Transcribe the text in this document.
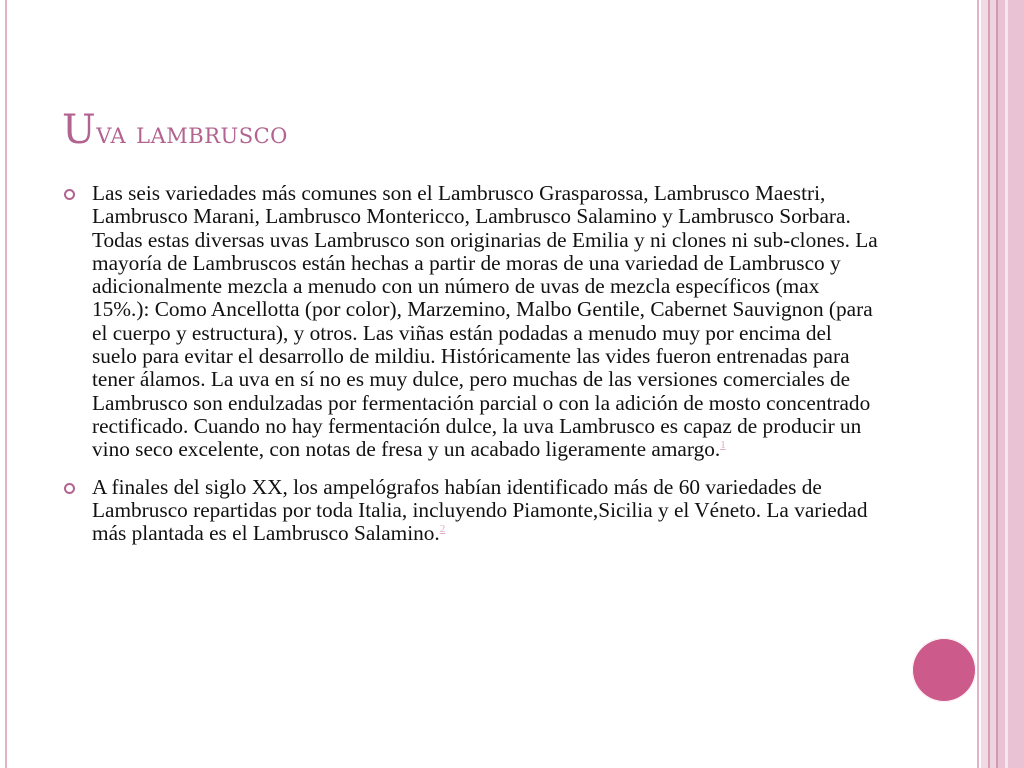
Uva lambrusco
Las seis variedades más comunes son el Lambrusco Grasparossa, Lambrusco Maestri, Lambrusco Marani, Lambrusco Montericco, Lambrusco Salamino y Lambrusco Sorbara. Todas estas diversas uvas Lambrusco son originarias de Emilia y ni clones ni sub-clones. La mayoría de Lambruscos están hechas a partir de moras de una variedad de Lambrusco y adicionalmente mezcla a menudo con un número de uvas de mezcla específicos (max 15%.): Como Ancellotta (por color), Marzemino, Malbo Gentile, Cabernet Sauvignon (para el cuerpo y estructura), y otros. Las viñas están podadas a menudo muy por encima del suelo para evitar el desarrollo de mildiu. Históricamente las vides fueron entrenadas para tener álamos. La uva en sí no es muy dulce, pero muchas de las versiones comerciales de Lambrusco son endulzadas por fermentación parcial o con la adición de mosto concentrado rectificado. Cuando no hay fermentación dulce, la uva Lambrusco es capaz de producir un vino seco excelente, con notas de fresa y un acabado ligeramente amargo.$^1$
A finales del siglo XX, los ampelógrafos habían identificado más de 60 variedades de Lambrusco repartidas por toda Italia, incluyendo Piamonte,Sicilia y el Véneto. La variedad más plantada es el Lambrusco Salamino.$^2$
